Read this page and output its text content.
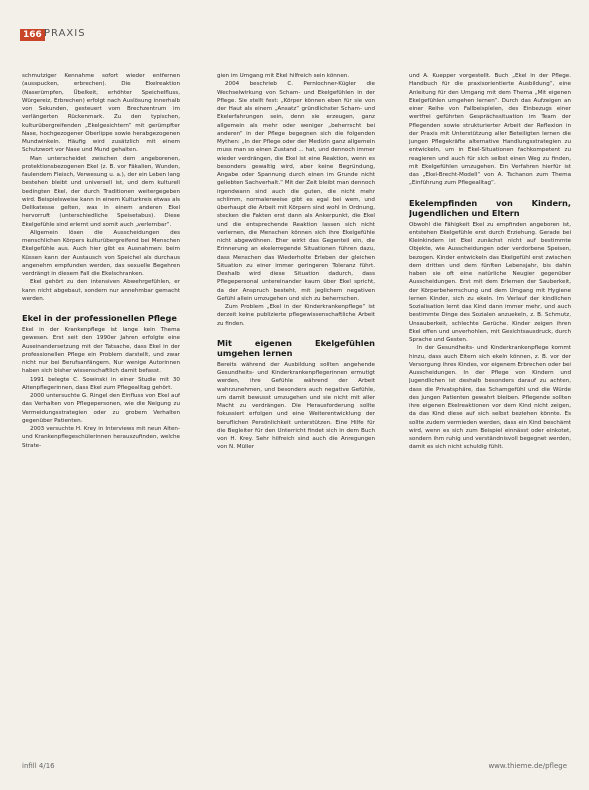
166 PRAXIS

schmutziger Kennahme sofort wieder entfernen (ausspucken, erbrechen). Die Ekelreaktion (Naserümpfen, Übelkeit, erhöhter Speichelfluss, Würgereiz, Erbrechen) erfolgt nach Auslösung innerhalb von Sekunden, gesteuert vom Brechzentrum im verlängerten Rückenmark. Zu den typischen, kulturübergreifenden „Ekelgesichtern“ mit gerümpfter Nase, hochgezogener Oberlippe sowie herabgezogenen Mundwinkeln. Häufig wird zusätzlich mit einem Schutzwort vor Nase und Mund gehalten.

Man unterscheidet zwischen dem angeborenen, protektionsbezogenen Ekel (z. B. vor Fäkalien, Wunden, faulendem Fleisch, Verwesung u. a.), der ein Leben lang bestehen bleibt und universell ist, und dem kulturell bedingten Ekel, der durch Traditionen weitergegeben wird. Beispielsweise kann in einem Kulturkreis etwas als Delikatesse gelten, was in einem anderen Ekel hervorruft (unterschiedliche Speisetabus). Diese Ekelgefühle sind erlernt und somit auch „verlernbar“.

Allgemein lösen die Ausscheidungen des menschlichen Körpers kulturübergreifend bei Menschen Ekelgefühle aus. Auch hier gibt es Ausnahmen: beim Küssen kann der Austausch von Speichel als durchaus angenehm empfunden werden, das sexuelle Begehren verdrängt in diesem Fall die Ekelschranken.

Ekel gehört zu den intensiven Abwehrgefühlen, er kann nicht abgebaut, sondern nur annehmbar gemacht werden.

Ekel in der professionellen Pflege

Ekel in der Krankenpflege ist lange kein Thema gewesen. Erst seit den 1990er Jahren erfolgte eine Auseinandersetzung mit der Tatsache, dass Ekel in der professionellen Pflege ein Problem darstellt, und zwar nicht nur bei Berufsanfängern. Nur wenige Autorinnen haben sich bisher wissenschaftlich damit befasst.

1991 belegte C. Sowinski in einer Studie mit 30 Altenpflegerinnen, dass Ekel zum Pflegealltag gehört.

2000 untersuchte G. Ringel den Einfluss von Ekel auf das Verhalten von Pflegepersonen, wie die Neigung zu Vermeidungsstrategien oder zu grobem Verhalten gegenüber Patienten.

2003 versuchte H. Krey in Interviews mit neun Alten- und Krankenpflegeschülerinnen herauszufinden, welche Strate-

gien im Umgang mit Ekel hilfreich sein können.

2004 beschrieb C. Pernlochner-Kügler die Wechselwirkung von Scham- und Ekelgefühlen in der Pflege. Sie stellt fest: „Körper können eben für sie von der Haut als einem „Ansatz“ gründlichster Scham- und Ekelerfahrungen sein, denn sie erzeugen, ganz allgemein als mehr oder weniger „beherrscht bei anderen“ in der Pflege begegnen sich die folgenden Mythen: „In der Pflege oder der Medizin ganz allgemein muss man so einen Zustand ... hat, und dennoch immer wieder verdrängen, die Ekel ist eine Reaktion, wenn es besonders gewaltig wird, aber keine Begründung, Angabe oder Spannung durch einen im Grunde nicht geliebten Sachverhalt.“ Mit der Zeit bleibt man dennoch irgendwann sind auch die guten, die nicht mehr schlimm, normalerweise gibt es egal bei wem, und überhaupt die Arbeit mit Körpern sind wohl in Ordnung, stecken die Fakten erst dann als Ankerpunkt, die Ekel und die entsprechende Reaktion lassen sich nicht verlernen, die Menschen können sich ihre Ekelgefühle nicht abgewöhnen. Eher wirkt das Gegenteil ein, die Erinnerung an ekelerregende Situationen führen dazu, dass Menschen das Wiederholte Erleben der gleichen Situation zu einer immer geringeren Toleranz führt. Deshalb wird diese Situation dadurch, dass Pflegepersonal untereinander kaum über Ekel spricht, da der Anspruch besteht, mit jeglichem negativen Gefühl allein umzugehen und sich zu beherrschen.

Zum Problem „Ekel in der Kinderkrankenpflege“ ist derzeit keine publizierte pflegewissenschaftliche Arbeit zu finden.

Mit eigenen Ekelgefühlen umgehen lernen

Bereits während der Ausbildung sollten angehende Gesundheits- und Kinderkrankenpflegerinnen ermutigt werden, ihre Gefühle während der Arbeit wahrzunehmen, und besonders auch negative Gefühle, um damit bewusst umzugehen und sie nicht mit aller Macht zu verdrängen. Die Herausforderung sollte fokussiert erfolgen und eine Weiterentwicklung der beruflichen Persönlichkeit unterstützen. Eine Hilfe für die Begleiter für den Unterricht findet sich in dem Buch von H. Krey. Sehr hilfreich sind auch die Anregungen von N. Müller

und A. Kuepper vorgestellt. Buch „Ekel in der Pflege. Handbuch für die praxisorientierte Ausbildung“, eine Anleitung für den Umgang mit dem Thema „Mit eigenen Ekelgefühlen umgehen lernen“. Durch das Aufzeigen an einer Reihe von Fallbeispielen, des Einbezugs einer wertfrei geführten Gesprächssituation im Team der Pflegenden sowie strukturierter Arbeit der Reflexion in der Praxis mit Unterstützung aller Beteiligten lernen die jungen Pflegekräfte alternative Handlungsstrategien zu entwickeln, um in Ekel-Situationen fachkompetent zu reagieren und auch für sich selbst einen Weg zu finden, mit Ekelgefühlen umzugehen. Ein Verfahren hierfür ist das „Ekel-Brecht-Modell“ von A. Tschanon zum Thema „Einführung zum Pflegealltag“.

Ekelempfinden von Kindern, Jugendlichen und Eltern

Obwohl die Fähigkeit Ekel zu empfinden angeboren ist, entstehen Ekelgefühle erst durch Erziehung. Gerade bei Kleinkindern ist Ekel zunächst nicht auf bestimmte Objekte, wie Ausscheidungen oder verdorbene Speisen, bezogen. Kinder entwickeln das Ekelgefühl erst zwischen dem dritten und dem fünften Lebensjahr, bis dahin haben sie oft eine natürliche Neugier gegenüber Ausscheidungen. Erst mit dem Erlernen der Sauberkeit, der Körperbeherrschung und dem Umgang mit Hygiene lernen Kinder, sich zu ekeln. Im Verlauf der kindlichen Sozialisation lernt das Kind dann immer mehr, und auch bestimmte Dinge des Sozialen anzuekeln, z. B. Schmutz, Unsauberkeit, schlechte Gerüche. Kinder zeigen ihren Ekel offen und unverhohlen, mit Gesichtsausdruck, durch Sprache und Gesten.

In der Gesundheits- und Kinderkrankenpflege kommt hinzu, dass auch Eltern sich ekeln können, z. B. vor der Versorgung ihres Kindes, vor eigenem Erbrechen oder bei Ausscheidungen. In der Pflege von Kindern und Jugendlichen ist deshalb besonders darauf zu achten, dass die Privatsphäre, das Schamgefühl und die Würde des jungen Patienten gewahrt bleiben. Pflegende sollten ihre eigenen Ekelreaktionen vor dem Kind nicht zeigen, da das Kind diese auf sich selbst beziehen könnte. Es sollte zudem vermieden werden, dass ein Kind beschämt wird, wenn es sich zum Beispiel einnässt oder einkotet, sondern ihm ruhig und verständnisvoll begegnet werden, damit es sich nicht schuldig fühlt.

infill 4/16	www.thieme.de/pflege
